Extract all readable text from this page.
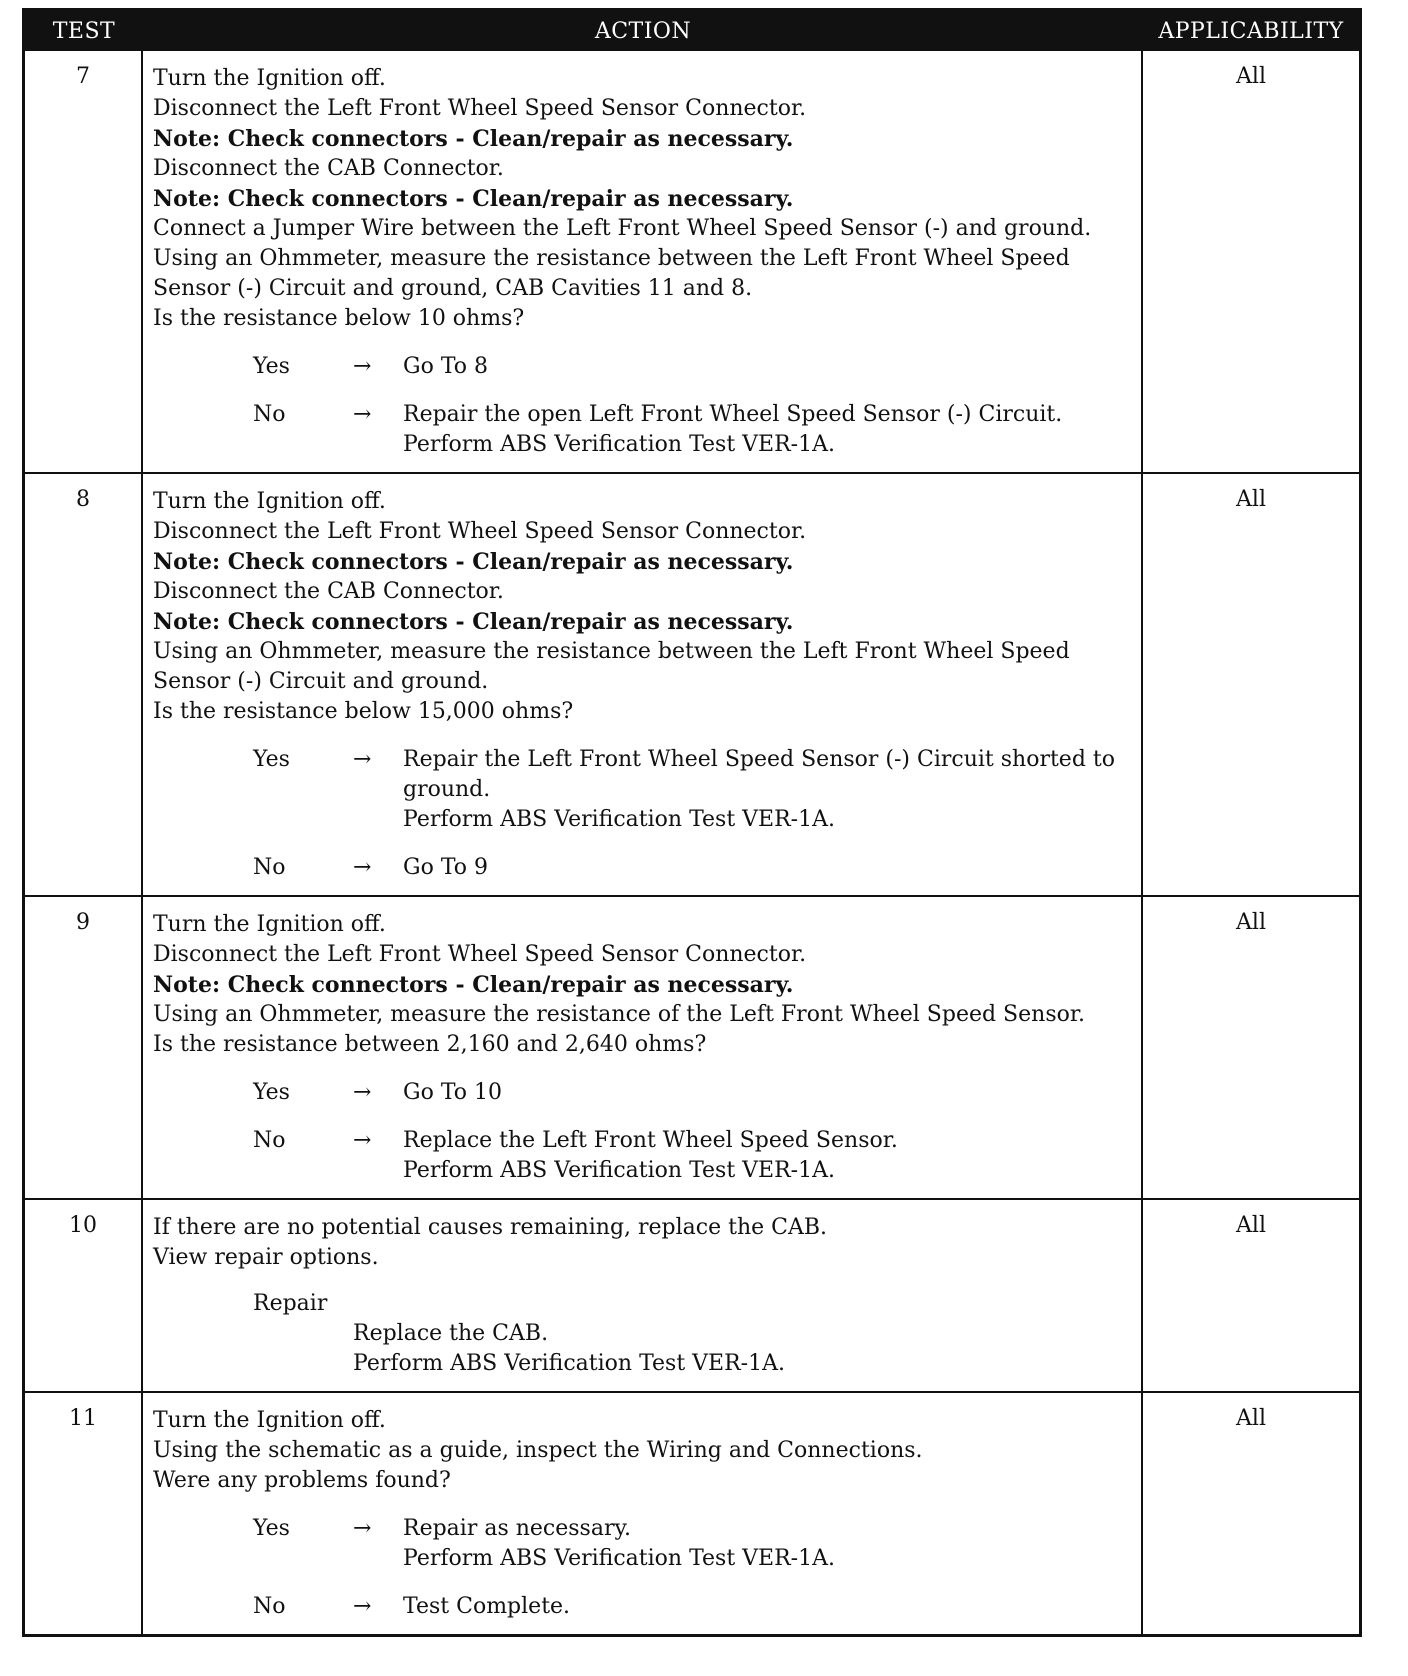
TEST	ACTION	APPLICABILITY
7	Turn the Ignition off.
Disconnect the Left Front Wheel Speed Sensor Connector.
Note: Check connectors - Clean/repair as necessary.
Disconnect the CAB Connector.
Note: Check connectors - Clean/repair as necessary.
Connect a Jumper Wire between the Left Front Wheel Speed Sensor (-) and ground.
Using an Ohmmeter, measure the resistance between the Left Front Wheel Speed
Sensor (-) Circuit and ground, CAB Cavities 11 and 8.
Is the resistance below 10 ohms?
Yes	→	Go To 8
No	→	Repair the open Left Front Wheel Speed Sensor (-) Circuit.
Perform ABS Verification Test VER-1A.
All
8	Turn the Ignition off.
Disconnect the Left Front Wheel Speed Sensor Connector.
Note: Check connectors - Clean/repair as necessary.
Disconnect the CAB Connector.
Note: Check connectors - Clean/repair as necessary.
Using an Ohmmeter, measure the resistance between the Left Front Wheel Speed
Sensor (-) Circuit and ground.
Is the resistance below 15,000 ohms?
Yes	→	Repair the Left Front Wheel Speed Sensor (-) Circuit shorted to
ground.
Perform ABS Verification Test VER-1A.
No	→	Go To 9
All
9	Turn the Ignition off.
Disconnect the Left Front Wheel Speed Sensor Connector.
Note: Check connectors - Clean/repair as necessary.
Using an Ohmmeter, measure the resistance of the Left Front Wheel Speed Sensor.
Is the resistance between 2,160 and 2,640 ohms?
Yes	→	Go To 10
No	→	Replace the Left Front Wheel Speed Sensor.
Perform ABS Verification Test VER-1A.
All
10	If there are no potential causes remaining, replace the CAB.
View repair options.
Repair
Replace the CAB.
Perform ABS Verification Test VER-1A.
All
11	Turn the Ignition off.
Using the schematic as a guide, inspect the Wiring and Connections.
Were any problems found?
Yes	→	Repair as necessary.
Perform ABS Verification Test VER-1A.
No	→	Test Complete.
All
